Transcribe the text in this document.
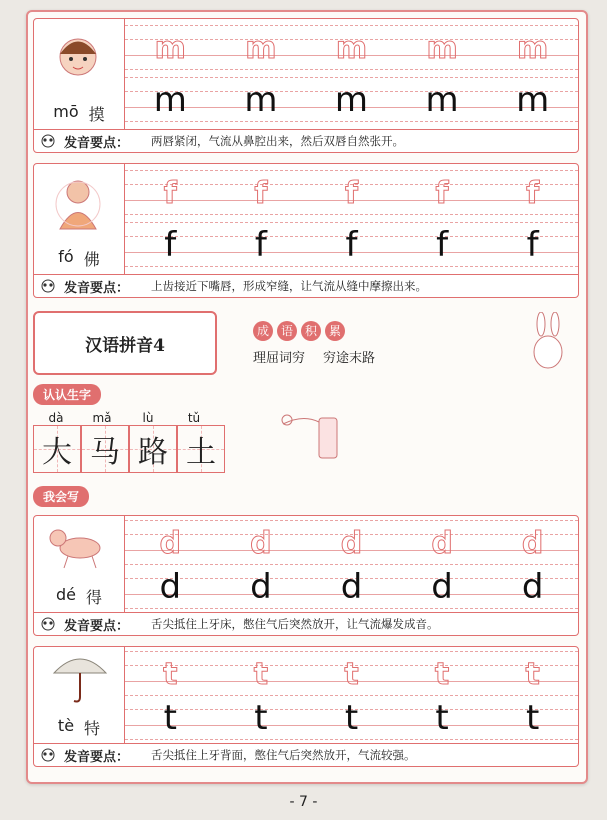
mō 摸
m m m m m
m m m m m
发音要点： 两唇紧闭，气流从鼻腔出来，然后双唇自然张开。
fó 佛
f	f	f	f	f
f f f f f
发音要点： 上齿接近下嘴唇，形成窄缝，让气流从缝中摩擦出来。
汉语拼音4
成 语 积 累
理屈词穷 穷途末路
认认生字
dà	mǎ	lù	tǔ
大 马 路 土
我会写
dé 得
d d d d d
d d d d d
发音要点： 舌尖抵住上牙床，憋住气后突然放开，让气流爆发成音。
tè 特
t	t	t	t	t
t t t t t
发音要点： 舌尖抵住上牙背面，憋住气后突然放开，气流较强。
- 7 -
